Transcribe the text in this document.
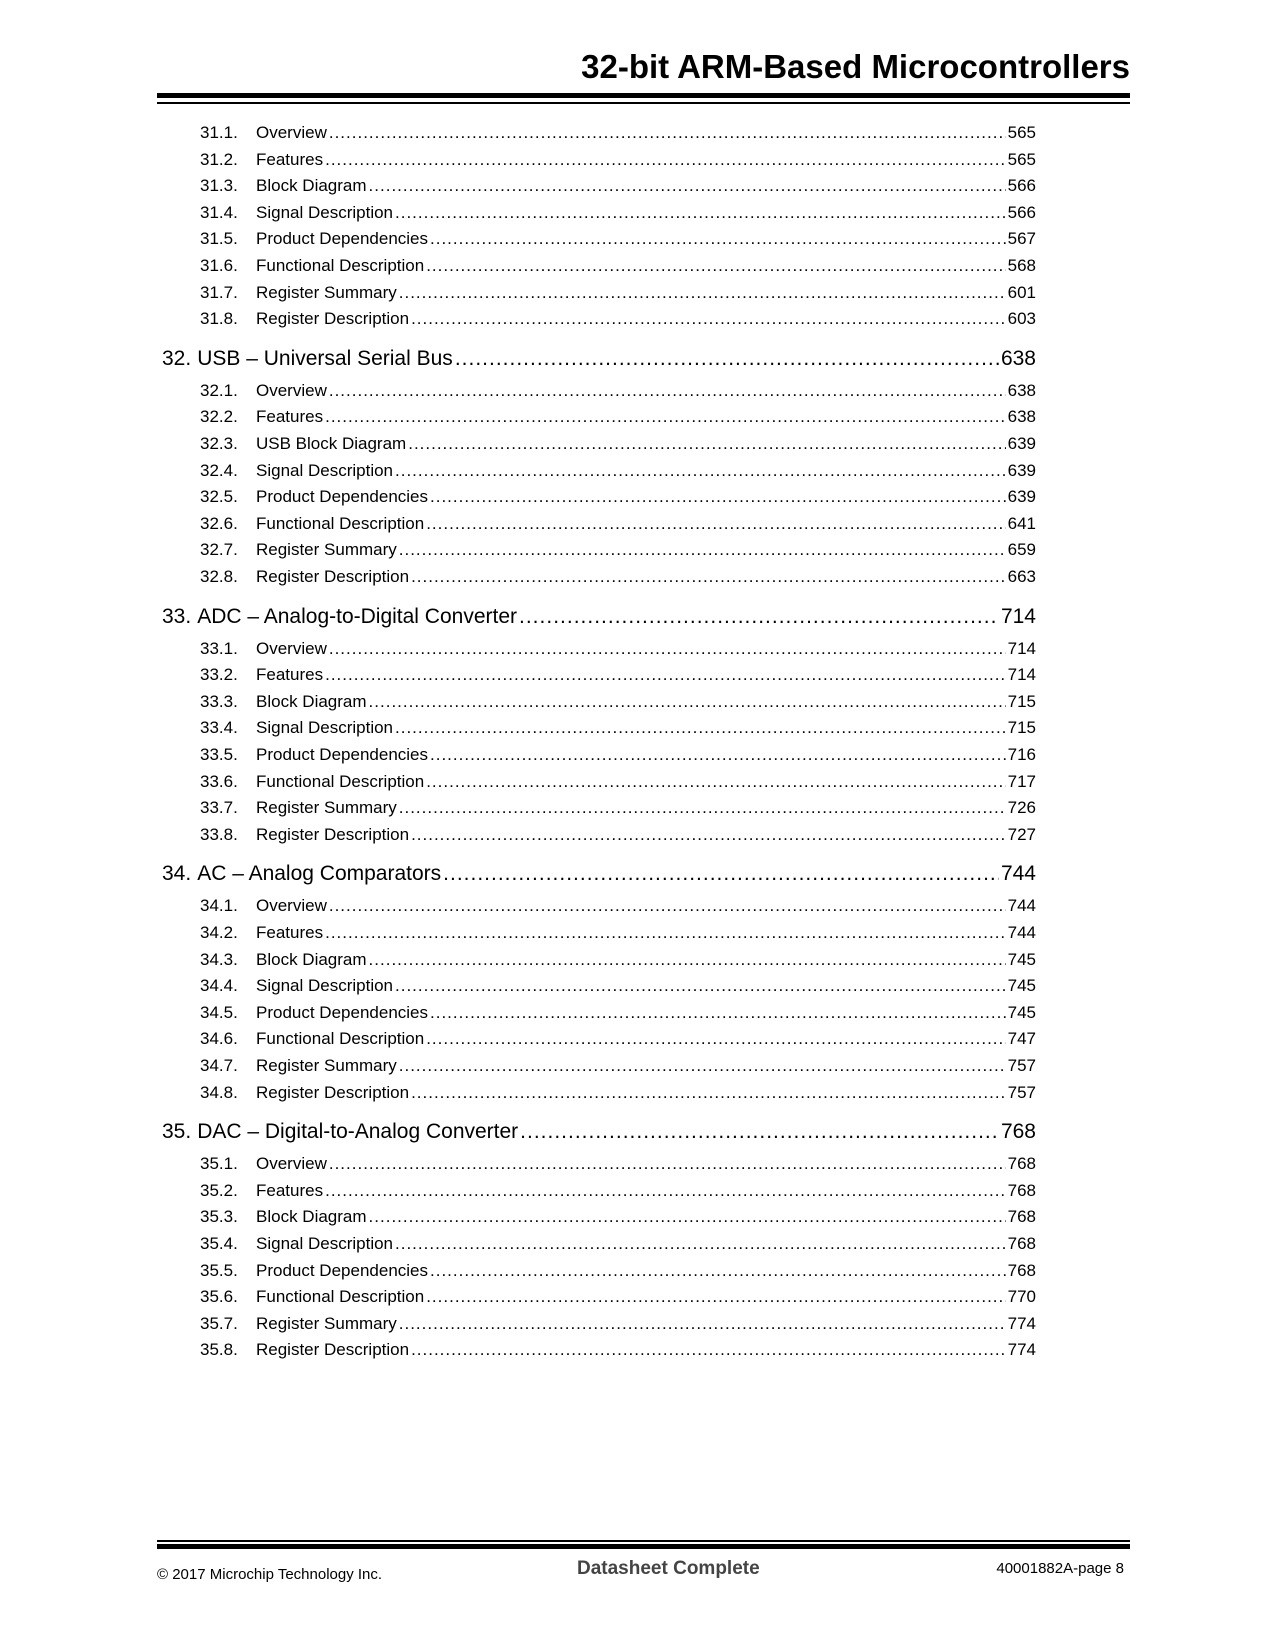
32-bit ARM-Based Microcontrollers
31.1.	Overview .....	565
31.2.	Features .....	565
31.3.	Block Diagram .....	566
31.4.	Signal Description .....	566
31.5.	Product Dependencies .....	567
31.6.	Functional Description .....	568
31.7.	Register Summary .....	601
31.8.	Register Description .....	603
32. USB – Universal Serial Bus .....	638
32.1.	Overview .....	638
32.2.	Features .....	638
32.3.	USB Block Diagram .....	639
32.4.	Signal Description .....	639
32.5.	Product Dependencies .....	639
32.6.	Functional Description .....	641
32.7.	Register Summary .....	659
32.8.	Register Description .....	663
33. ADC – Analog-to-Digital Converter .....	714
33.1.	Overview .....	714
33.2.	Features .....	714
33.3.	Block Diagram .....	715
33.4.	Signal Description .....	715
33.5.	Product Dependencies .....	716
33.6.	Functional Description .....	717
33.7.	Register Summary .....	726
33.8.	Register Description .....	727
34. AC – Analog Comparators .....	744
34.1.	Overview .....	744
34.2.	Features .....	744
34.3.	Block Diagram .....	745
34.4.	Signal Description .....	745
34.5.	Product Dependencies .....	745
34.6.	Functional Description .....	747
34.7.	Register Summary .....	757
34.8.	Register Description .....	757
35. DAC – Digital-to-Analog Converter .....	768
35.1.	Overview .....	768
35.2.	Features .....	768
35.3.	Block Diagram .....	768
35.4.	Signal Description .....	768
35.5.	Product Dependencies .....	768
35.6.	Functional Description .....	770
35.7.	Register Summary .....	774
35.8.	Register Description .....	774
© 2017 Microchip Technology Inc.	Datasheet Complete	40001882A-page 8
